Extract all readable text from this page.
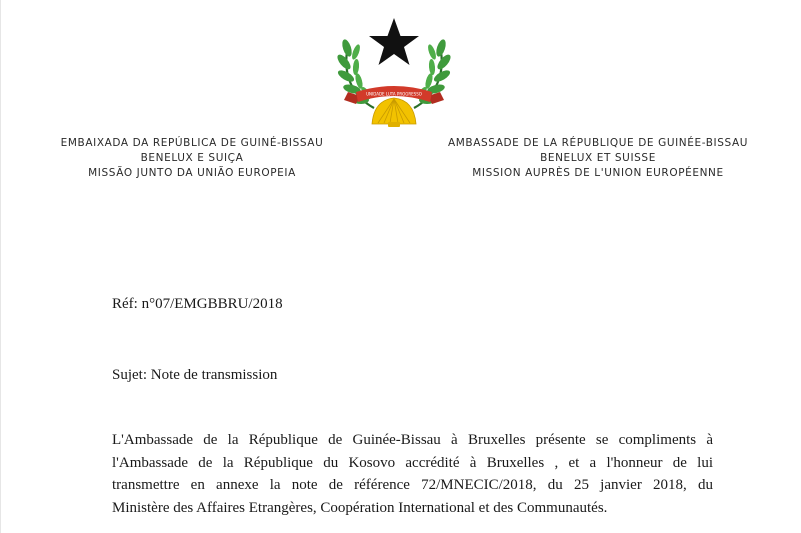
UNIDADE LUTA PROGRESSO
EMBAIXADA DA REPÚBLICA DE GUINÉ-BISSAU
BENELUX E SUIÇA
MISSÃO JUNTO DA UNIÃO EUROPEIA
AMBASSADE DE LA RÉPUBLIQUE DE GUINÉE-BISSAU
BENELUX ET SUISSE
MISSION AUPRÈS DE L'UNION EUROPÉENNE
Réf: n°07/EMGBBRU/2018
Sujet: Note de transmission
L'Ambassade de la République de Guinée-Bissau à Bruxelles présente se compliments à
l'Ambassade de la République du Kosovo accrédité à Bruxelles , et a l'honneur de lui
transmettre en annexe la note de référence 72/MNECIC/2018, du 25 janvier 2018, du
Ministère des Affaires Etrangères, Coopération International et des Communautés.
